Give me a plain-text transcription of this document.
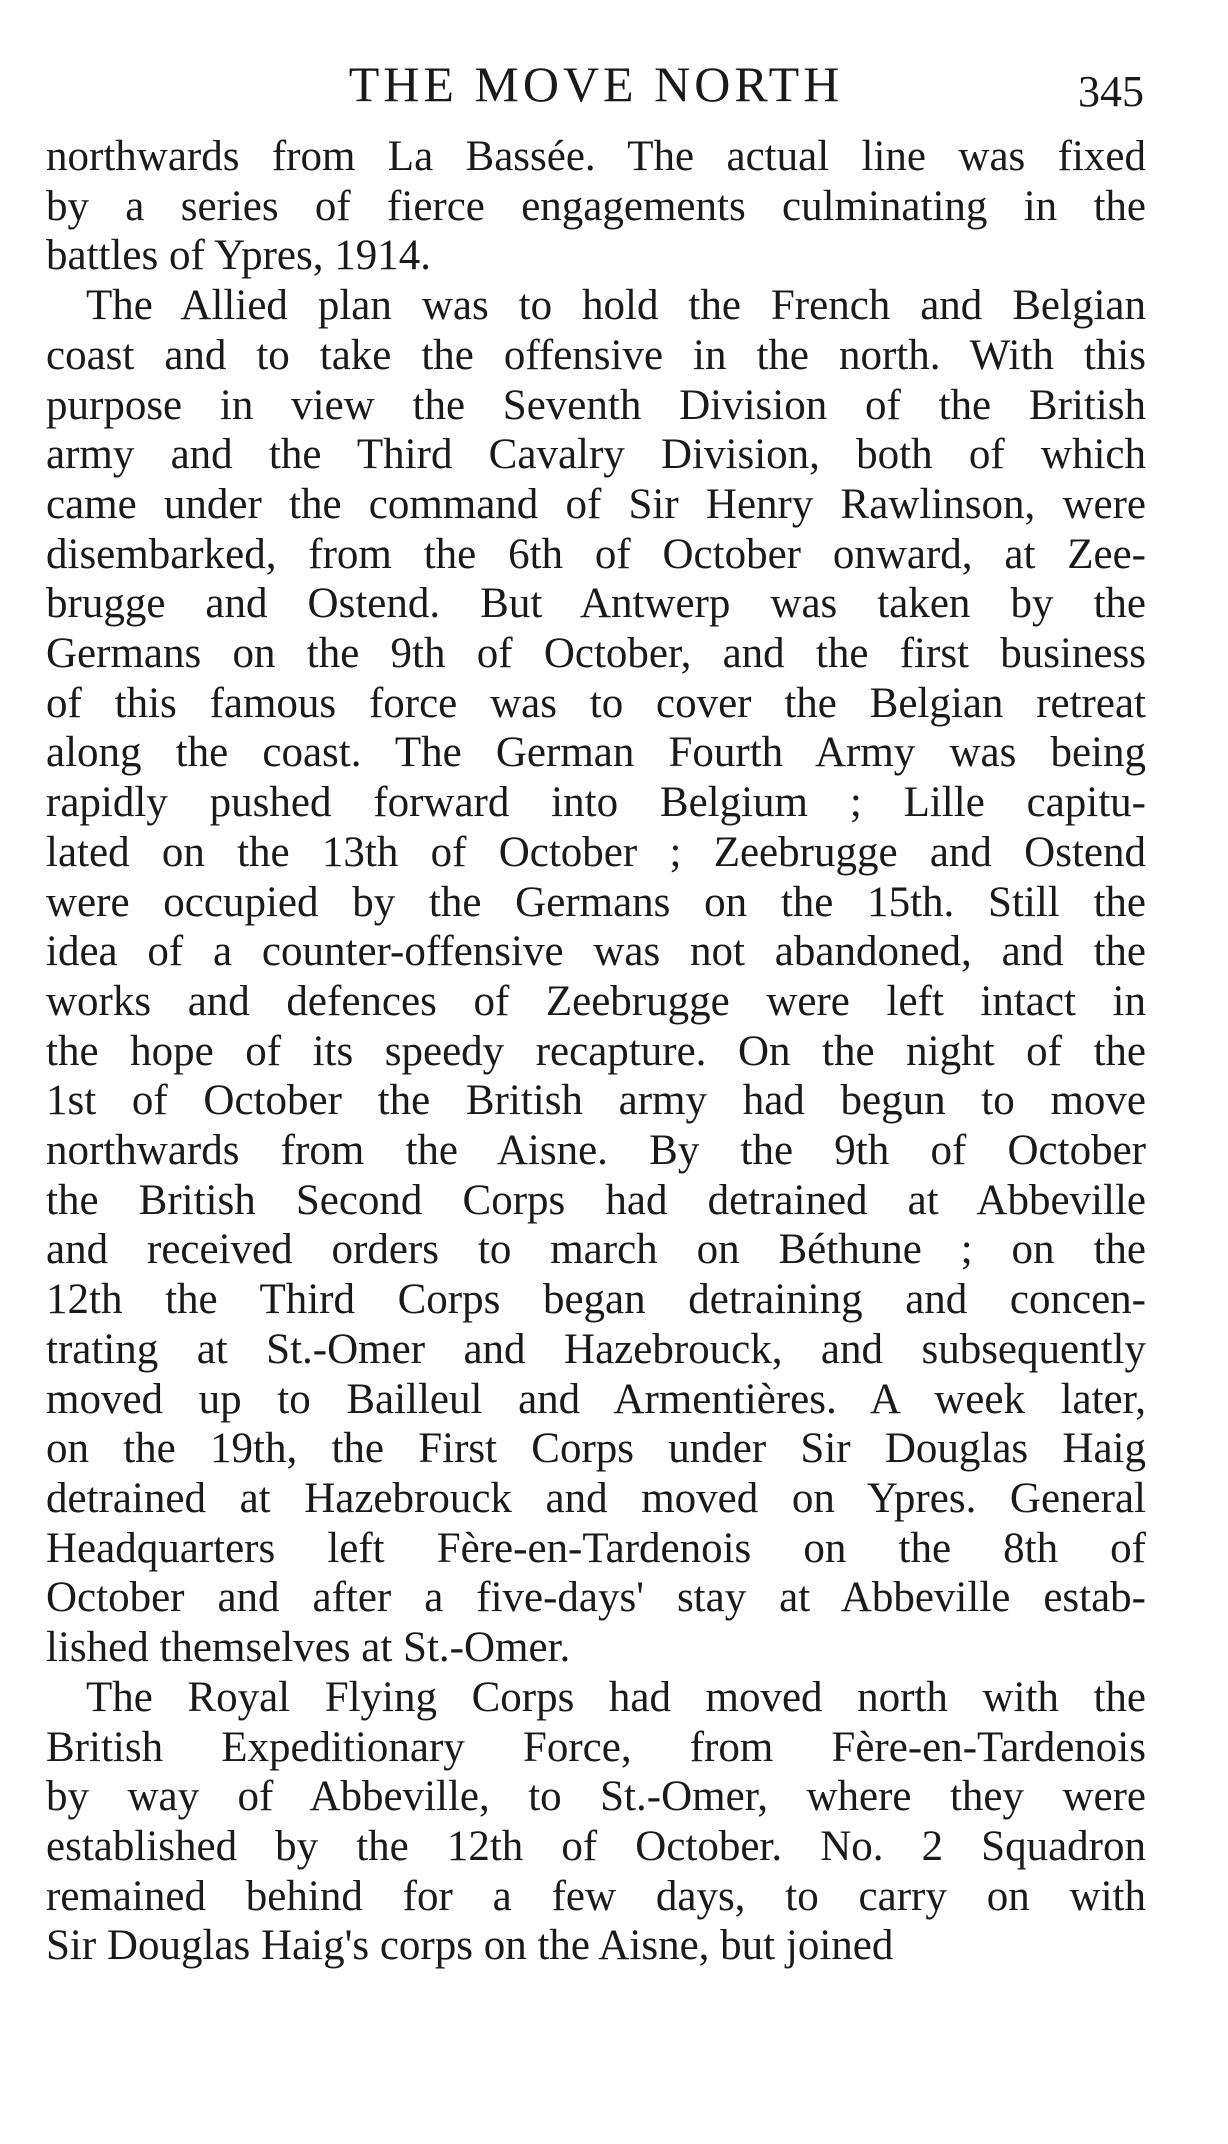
THE MOVE NORTH	345

northwards from La Bassée. The actual line was fixed
by a series of fierce engagements culminating in the
battles of Ypres, 1914.

The Allied plan was to hold the French and Belgian
coast and to take the offensive in the north. With this
purpose in view the Seventh Division of the British
army and the Third Cavalry Division, both of which
came under the command of Sir Henry Rawlinson, were
disembarked, from the 6th of October onward, at Zee-
brugge and Ostend. But Antwerp was taken by the
Germans on the 9th of October, and the first business
of this famous force was to cover the Belgian retreat
along the coast. The German Fourth Army was being
rapidly pushed forward into Belgium ; Lille capitu-
lated on the 13th of October ; Zeebrugge and Ostend
were occupied by the Germans on the 15th. Still the
idea of a counter-offensive was not abandoned, and the
works and defences of Zeebrugge were left intact in
the hope of its speedy recapture. On the night of the
1st of October the British army had begun to move
northwards from the Aisne. By the 9th of October
the British Second Corps had detrained at Abbeville
and received orders to march on Béthune ; on the
12th the Third Corps began detraining and concen-
trating at St.-Omer and Hazebrouck, and subsequently
moved up to Bailleul and Armentières. A week later,
on the 19th, the First Corps under Sir Douglas Haig
detrained at Hazebrouck and moved on Ypres. General
Headquarters left Fère-en-Tardenois on the 8th of
October and after a five-days' stay at Abbeville estab-
lished themselves at St.-Omer.

The Royal Flying Corps had moved north with the
British Expeditionary Force, from Fère-en-Tardenois
by way of Abbeville, to St.-Omer, where they were
established by the 12th of October. No. 2 Squadron
remained behind for a few days, to carry on with
Sir Douglas Haig's corps on the Aisne, but joined
